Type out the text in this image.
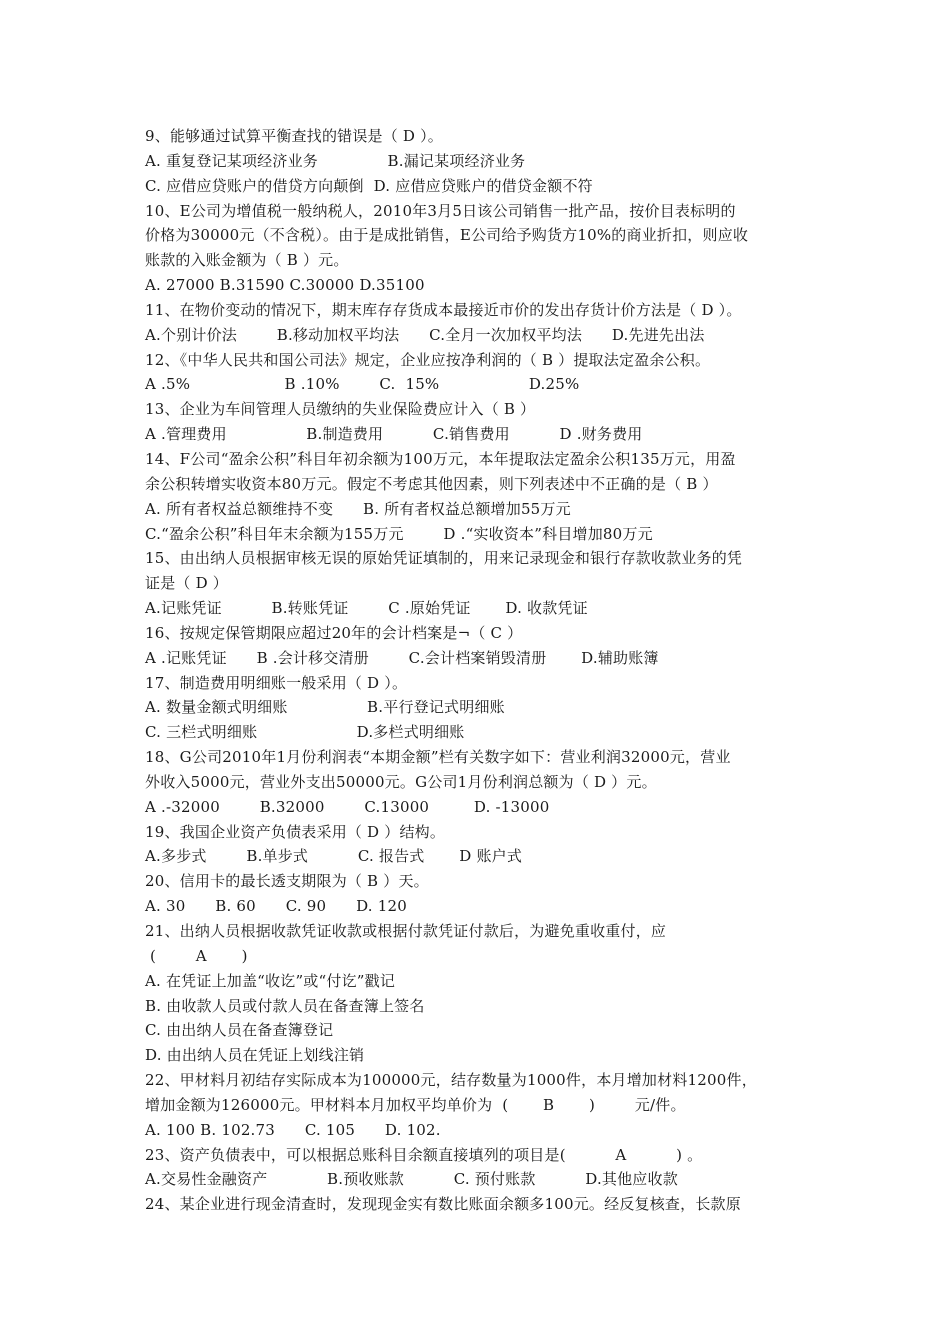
9、能够通过试算平衡查找的错误是（ D ）。
A. 重复登记某项经济业务              B.漏记某项经济业务
C. 应借应贷账户的借贷方向颠倒  D. 应借应贷账户的借贷金额不符
10、E公司为增值税一般纳税人，2010年3月5日该公司销售一批产品，按价目表标明的
价格为30000元（不含税）。由于是成批销售，E公司给予购货方10%的商业折扣，则应收
账款的入账金额为（ B ）元。
A. 27000 B.31590 C.30000 D.35100
11、在物价变动的情况下，期末库存存货成本最接近市价的发出存货计价方法是（ D ）。
A.个别计价法        B.移动加权平均法      C.全月一次加权平均法      D.先进先出法
12、《中华人民共和国公司法》规定，企业应按净利润的（ B ）提取法定盈余公积。
A .5%                   B .10%        C.  15%                  D.25%
13、企业为车间管理人员缴纳的失业保险费应计入（ B ）
A .管理费用                B.制造费用          C.销售费用          D .财务费用
14、F公司“盈余公积”科目年初余额为100万元，本年提取法定盈余公积135万元，用盈
余公积转增实收资本80万元。假定不考虑其他因素，则下列表述中不正确的是（ B ）
A. 所有者权益总额维持不变      B. 所有者权益总额增加55万元
C.“盈余公积”科目年末余额为155万元        D .“实收资本”科目增加80万元
15、由出纳人员根据审核无误的原始凭证填制的，用来记录现金和银行存款收款业务的凭
证是（ D ）
A.记账凭证          B.转账凭证        C .原始凭证       D. 收款凭证
16、按规定保管期限应超过20年的会计档案是¬（ C ）
A .记账凭证      B .会计移交清册        C.会计档案销毁清册       D.辅助账簿
17、制造费用明细账一般采用（ D ）。
A. 数量金额式明细账                B.平行登记式明细账
C. 三栏式明细账                    D.多栏式明细账
18、G公司2010年1月份利润表“本期金额”栏有关数字如下：营业利润32000元，营业
外收入5000元，营业外支出50000元。G公司1月份利润总额为（ D ）元。
A .-32000        B.32000        C.13000         D. -13000
19、我国企业资产负债表采用（ D ）结构。
A.多步式        B.单步式          C. 报告式       D 账户式
20、信用卡的最长透支期限为（ B ）天。
A. 30      B. 60      C. 90      D. 120
21、出纳人员根据收款凭证收款或根据付款凭证付款后，为避免重收重付，应
(        A       )
A. 在凭证上加盖“收讫”或“付讫”戳记
B. 由收款人员或付款人员在备查簿上签名
C. 由出纳人员在备查簿登记
D. 由出纳人员在凭证上划线注销
22、甲材料月初结存实际成本为100000元，结存数量为1000件，本月增加材料1200件，
增加金额为126000元。甲材料本月加权平均单价为  (       B       )        元/件。
A. 100 B. 102.73      C. 105      D. 102.
23、资产负债表中，可以根据总账科目余额直接填列的项目是(          A          ) 。
A.交易性金融资产            B.预收账款          C. 预付账款          D.其他应收款
24、某企业进行现金清查时，发现现金实有数比账面余额多100元。经反复核查，长款原
